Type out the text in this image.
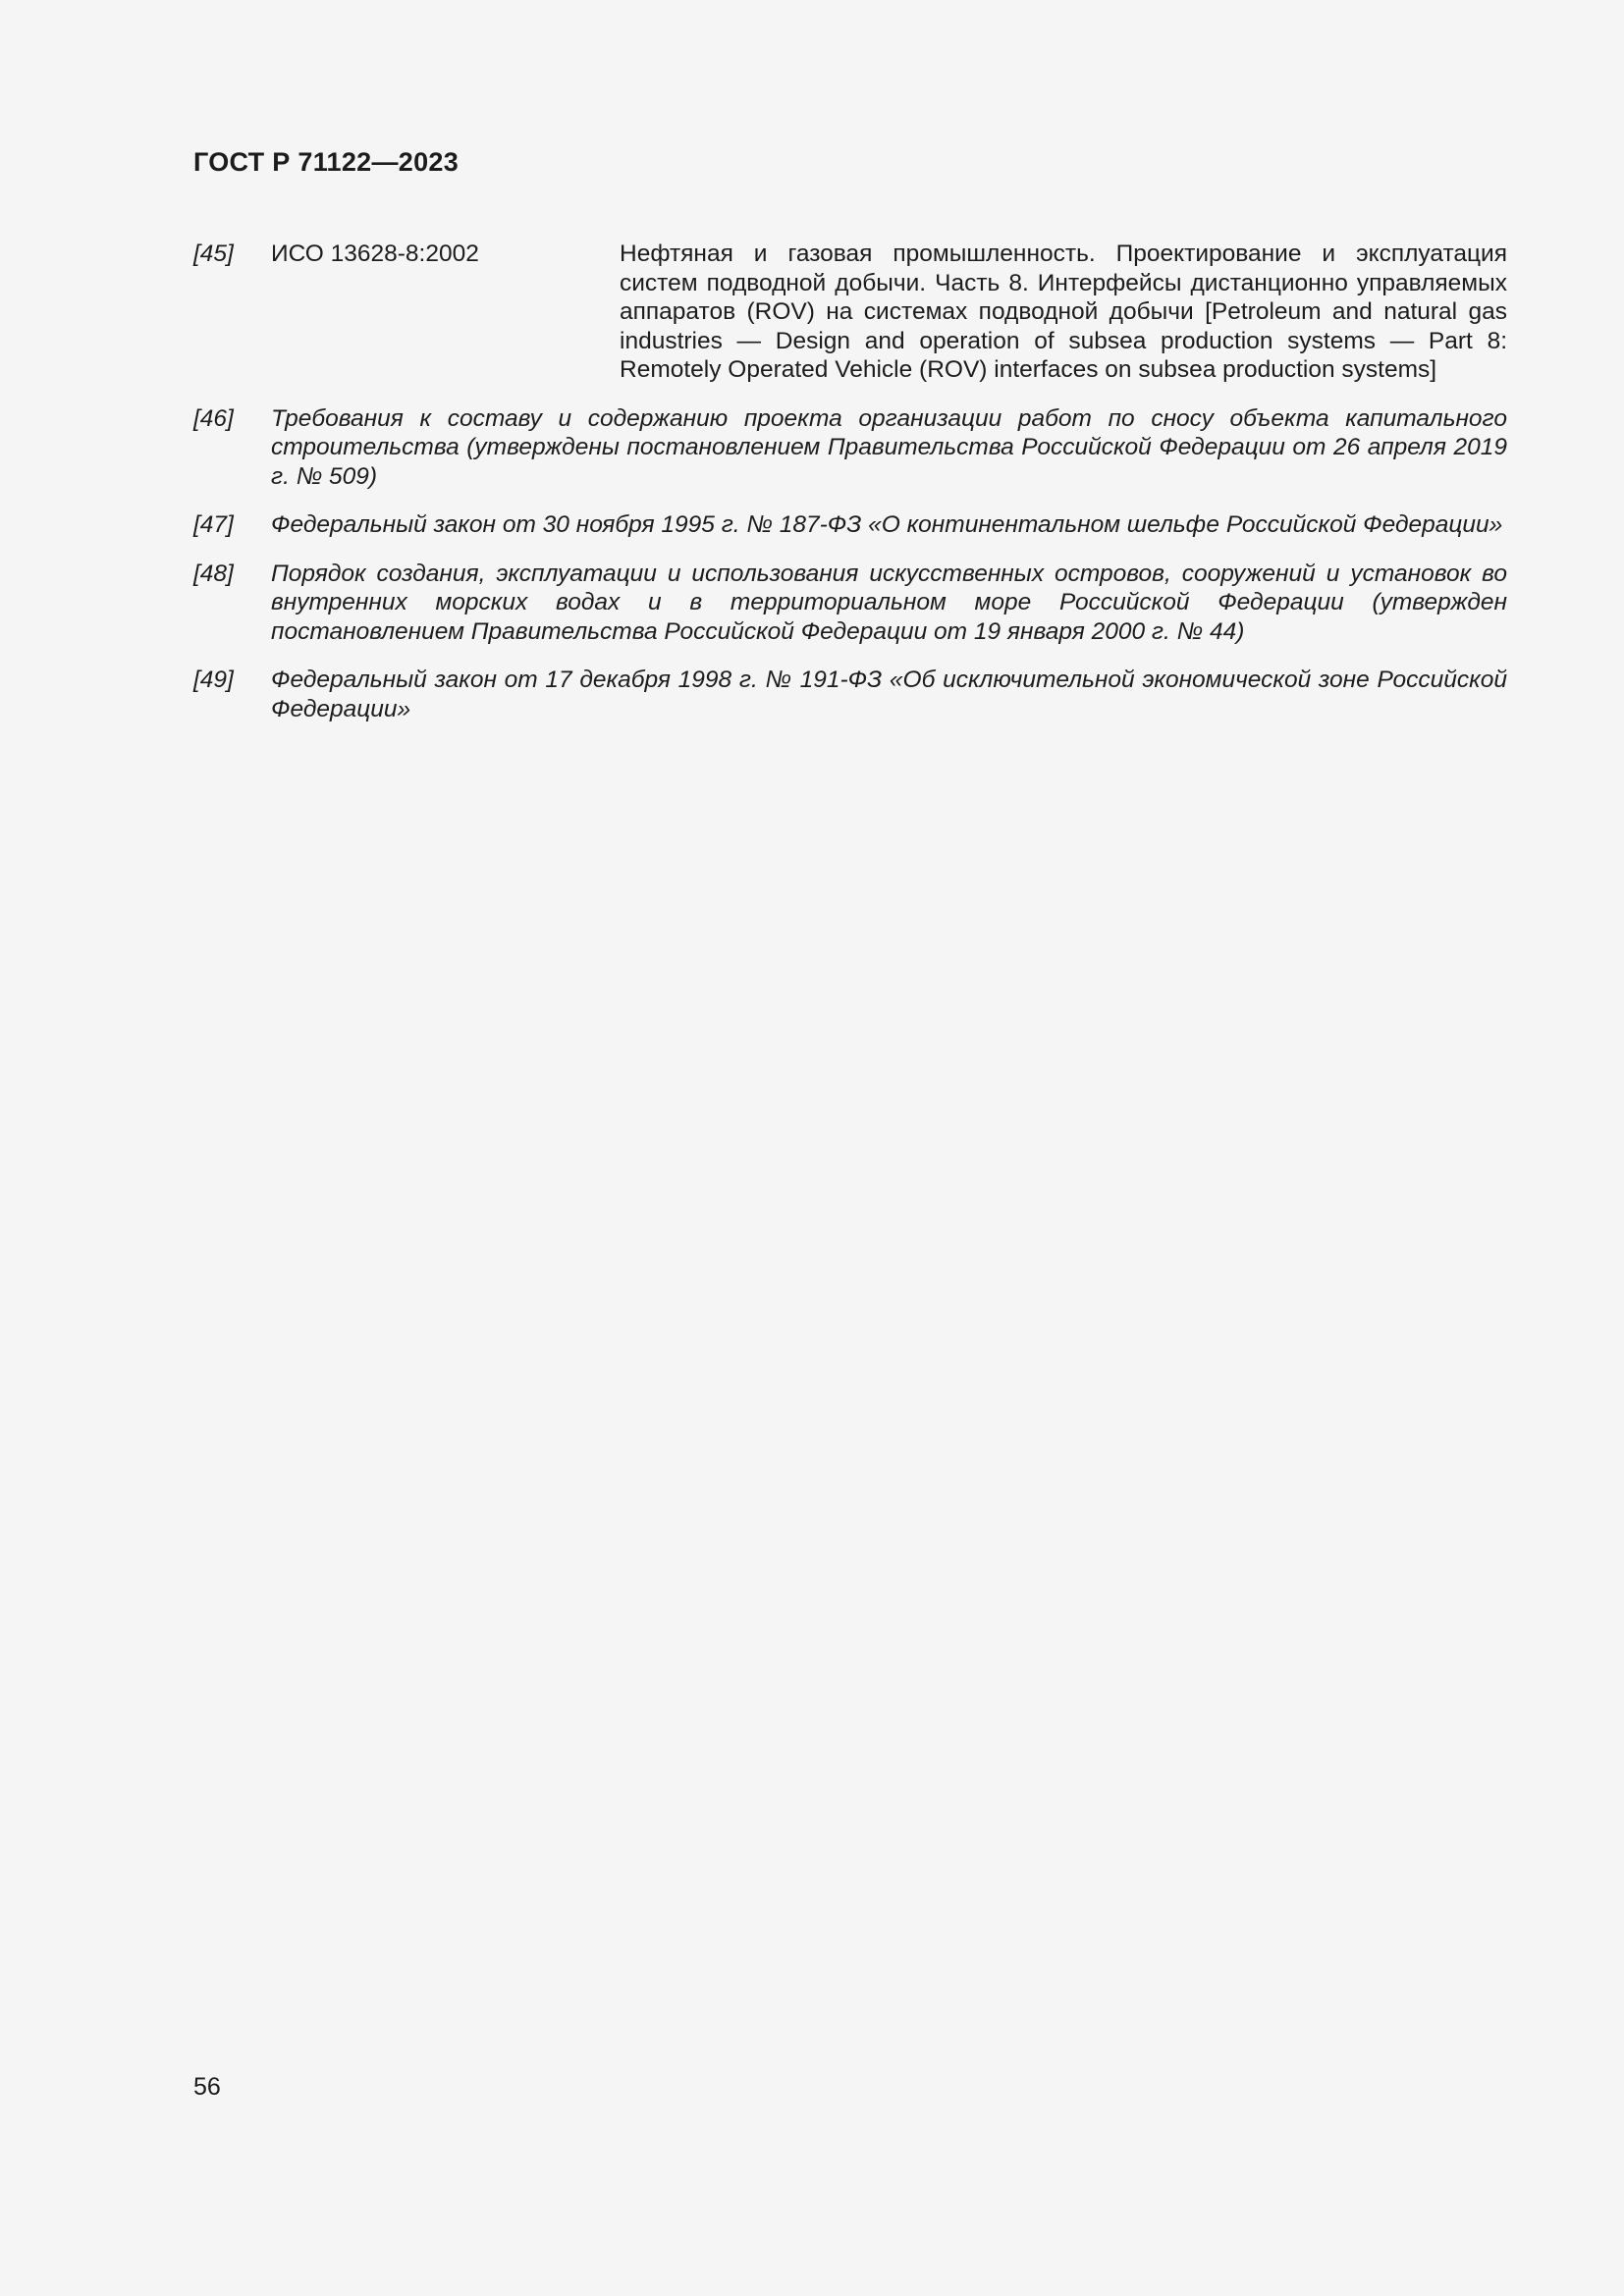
ГОСТ Р 71122—2023
[45]	ИСО 13628-8:2002	Нефтяная и газовая промышленность. Проектирование и эксплуатация систем подводной добычи. Часть 8. Интерфейсы дистанционно управляемых аппаратов (ROV) на системах подводной добычи [Petroleum and natural gas industries — Design and operation of subsea production systems — Part 8: Remotely Operated Vehicle (ROV) interfaces on subsea production systems]
[46]	Требования к составу и содержанию проекта организации работ по сносу объекта капитального строительства (утверждены постановлением Правительства Российской Федерации от 26 апреля 2019 г. № 509)
[47]	Федеральный закон от 30 ноября 1995 г. № 187-ФЗ «О континентальном шельфе Российской Федерации»
[48]	Порядок создания, эксплуатации и использования искусственных островов, сооружений и установок во внутренних морских водах и в территориальном море Российской Федерации (утвержден постановлением Правительства Российской Федерации от 19 января 2000 г. № 44)
[49]	Федеральный закон от 17 декабря 1998 г. № 191-ФЗ «Об исключительной экономической зоне Российской Федерации»
56
